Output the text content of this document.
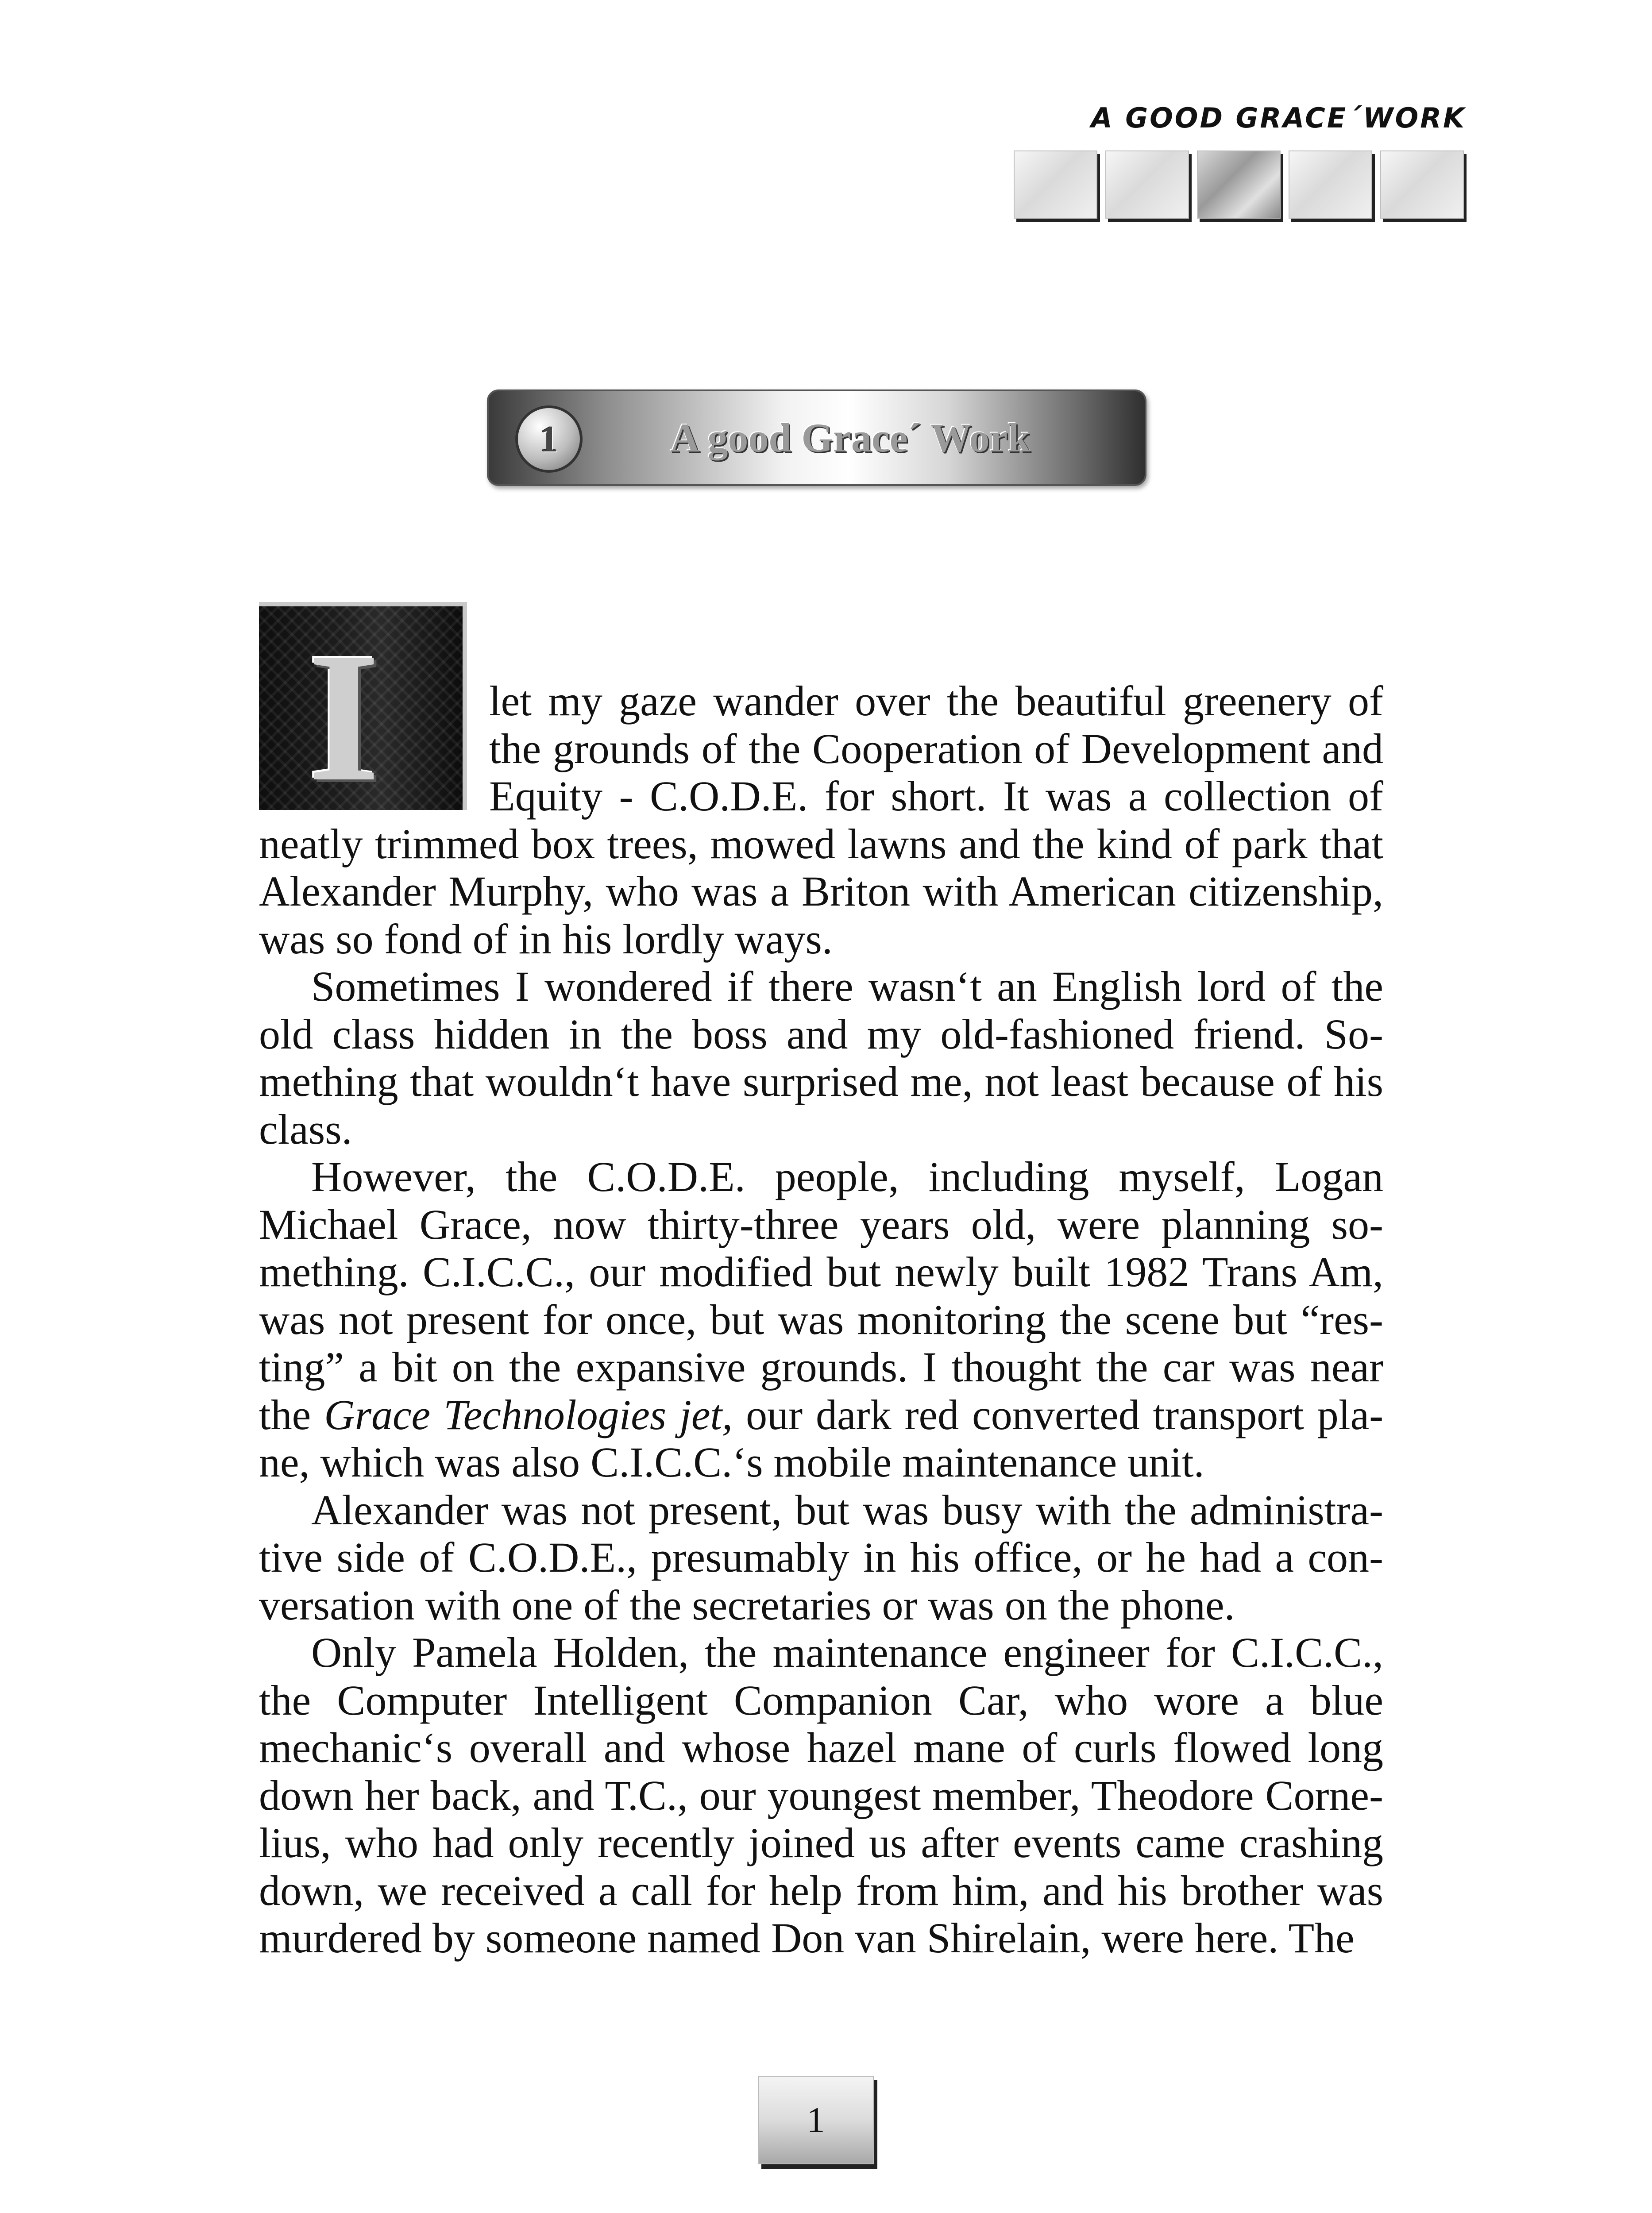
A GOOD GRACE´WORK
1	A good Grace´ Work
I	let my gaze wander over the beautiful greenery of the grounds of the Cooperation of Development and Equity - C.O.D.E. for short. It was a collection of neatly trimmed box trees, mowed lawns and the kind of park that Alexander Murphy, who was a Briton with American citizenship, was so fond of in his lordly ways.

Sometimes I wondered if there wasn‘t an English lord of the old class hidden in the boss and my old-fashioned friend. Something that wouldn‘t have surprised me, not least because of his class.

However, the C.O.D.E. people, including myself, Logan Michael Grace, now thirty-three years old, were planning something. C.I.C.C., our modified but newly built 1982 Trans Am, was not present for once, but was monitoring the scene but “resting” a bit on the expansive grounds. I thought the car was near the Grace Technologies jet, our dark red converted transport plane, which was also C.I.C.C.‘s mobile maintenance unit.

Alexander was not present, but was busy with the administrative side of C.O.D.E., presumably in his office, or he had a conversation with one of the secretaries or was on the phone.

Only Pamela Holden, the maintenance engineer for C.I.C.C., the Computer Intelligent Companion Car, who wore a blue mechanic‘s overall and whose hazel mane of curls flowed long down her back, and T.C., our youngest member, Theodore Cornelius, who had only recently joined us after events came crashing down, we received a call for help from him, and his brother was murdered by someone named Don van Shirelain, were here. The

1
